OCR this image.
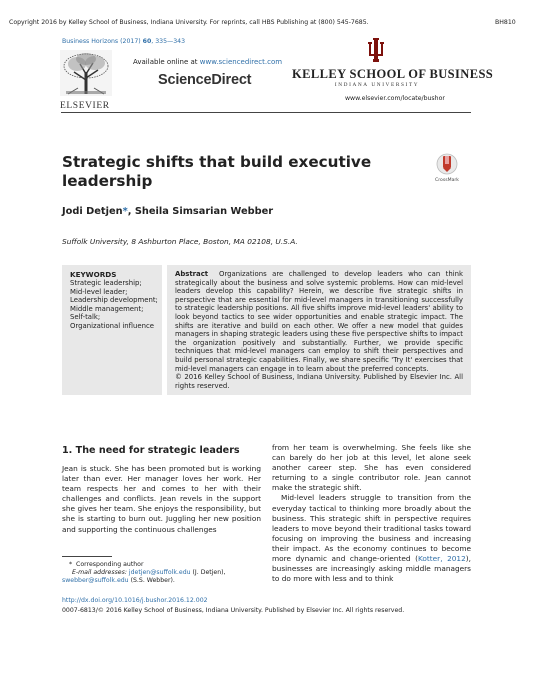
Copyright 2016 by Kelley School of Business, Indiana University. For reprints, call HBS Publishing at (800) 545-7685.	BH810
Business Horizons (2017) 60, 335—343
ELSEVIER
Available online at www.sciencedirect.com
ScienceDirect	KELLEY SCHOOL OF BUSINESS
INDIANA UNIVERSITY
www.elsevier.com/locate/bushor
Strategic shifts that build executive leadership	CrossMark
Jodi Detjen*, Sheila Simsarian Webber
Suffolk University, 8 Ashburton Place, Boston, MA 02108, U.S.A.
KEYWORDS
Strategic leadership;
Mid-level leader;
Leadership development;
Middle management;
Self-talk;
Organizational influence
Abstract Organizations are challenged to develop leaders who can think strategically about the business and solve systemic problems. How can mid-level leaders develop this capability? Herein, we describe five strategic shifts in perspective that are essential for mid-level managers in transitioning successfully to strategic leadership positions. All five shifts improve mid-level leaders' ability to look beyond tactics to see wider opportunities and enable strategic impact. The shifts are iterative and build on each other. We offer a new model that guides managers in shaping strategic leaders using these five perspective shifts to impact the organization positively and substantially. Further, we provide specific techniques that mid-level managers can employ to shift their perspectives and build personal strategic capabilities. Finally, we share specific 'Try It' exercises that mid-level managers can engage in to learn about the preferred concepts.
© 2016 Kelley School of Business, Indiana University. Published by Elsevier Inc. All rights reserved.
1. The need for strategic leaders

Jean is stuck. She has been promoted but is working later than ever. Her manager loves her work. Her team respects her and comes to her with their challenges and conflicts. Jean revels in the support she gives her team. She enjoys the responsibility, but she is starting to burn out. Juggling her new position and supporting the continuous challenges

from her team is overwhelming. She feels like she can barely do her job at this level, let alone seek another career step. She has even considered returning to a single contributor role. Jean cannot make the strategic shift.

Mid-level leaders struggle to transition from the everyday tactical to thinking more broadly about the business. This strategic shift in perspective requires leaders to move beyond their traditional tasks toward focusing on improving the business and increasing their impact. As the economy continues to become more dynamic and change-oriented (Kotter, 2012), businesses are increasingly asking middle managers to do more with less and to think

* Corresponding author
E-mail addresses: jdetjen@suffolk.edu (J. Detjen),
swebber@suffolk.edu (S.S. Webber).
http://dx.doi.org/10.1016/j.bushor.2016.12.002
0007-6813/© 2016 Kelley School of Business, Indiana University. Published by Elsevier Inc. All rights reserved.
